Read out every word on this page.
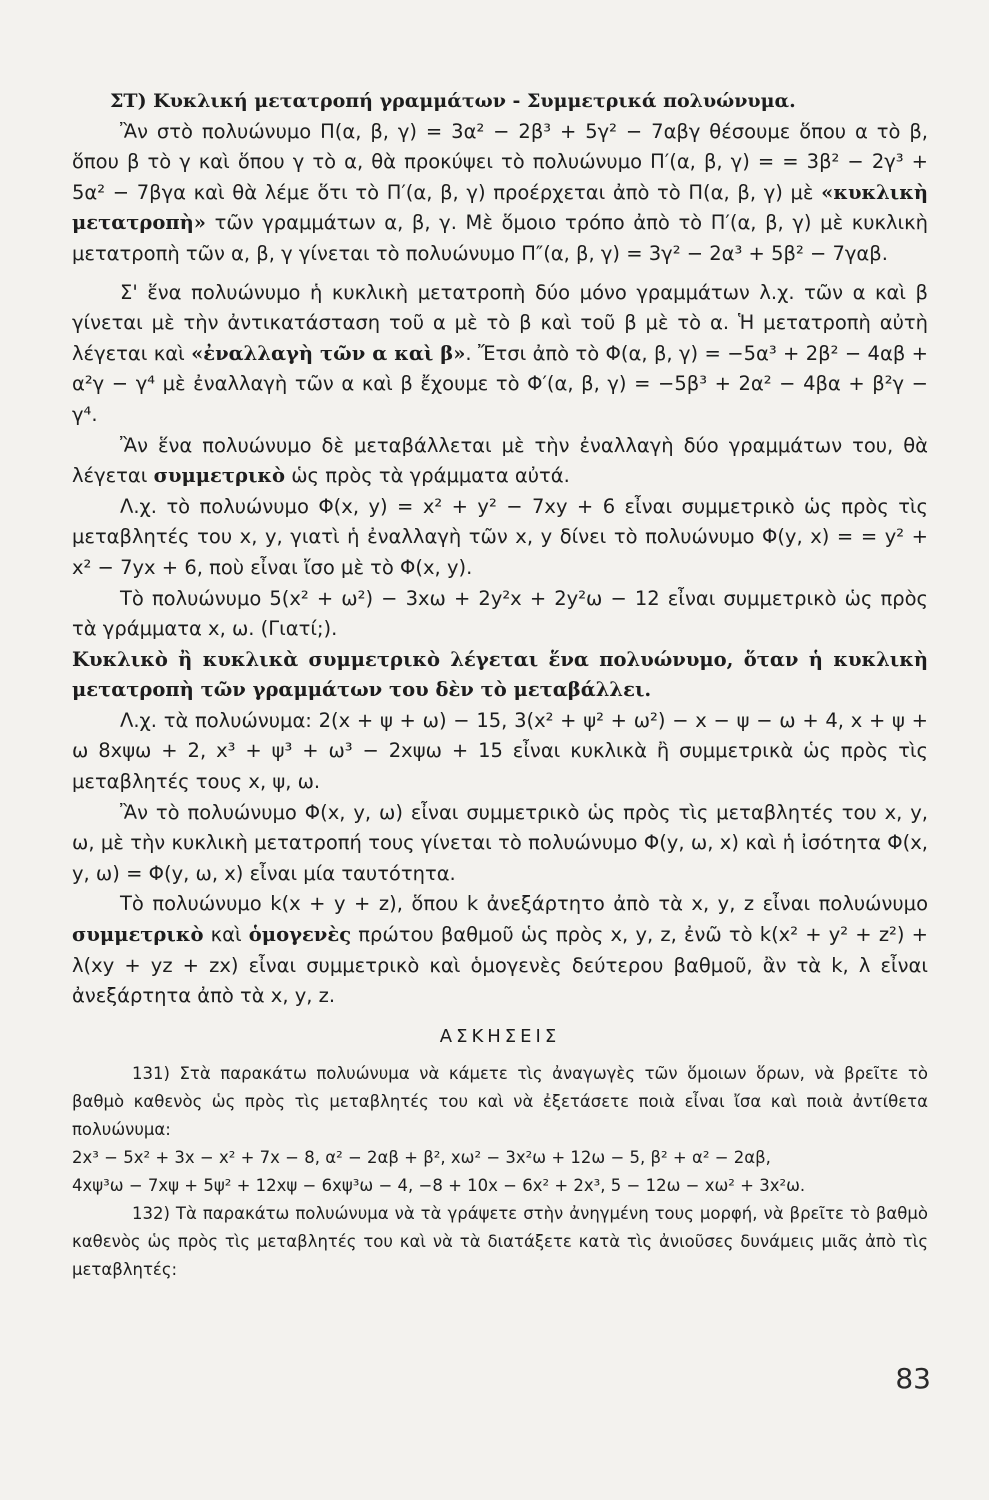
ΣΤ) Κυκλική μετατροπή γραμμάτων - Συμμετρικά πολυώνυμα.

Ἂν στὸ πολυώνυμο Π(α, β, γ) = 3α² − 2β³ + 5γ² − 7αβγ θέσουμε ὅπου α τὸ β, ὅπου β τὸ γ καὶ ὅπου γ τὸ α, θὰ προκύψει τὸ πολυώνυμο Π′(α, β, γ) = = 3β² − 2γ³ + 5α² − 7βγα καὶ θὰ λέμε ὅτι τὸ Π′(α, β, γ) προέρχεται ἀπὸ τὸ Π(α, β, γ) μὲ «κυκλικὴ μετατροπὴ» τῶν γραμμάτων α, β, γ. Μὲ ὅμοιο τρόπο ἀπὸ τὸ Π′(α, β, γ) μὲ κυκλικὴ μετατροπὴ τῶν α, β, γ γίνεται τὸ πολυώνυμο Π″(α, β, γ) = 3γ² − 2α³ + 5β² − 7γαβ.

Σ' ἕνα πολυώνυμο ἡ κυκλικὴ μετατροπὴ δύο μόνο γραμμάτων λ.χ. τῶν α καὶ β γίνεται μὲ τὴν ἀντικατάσταση τοῦ α μὲ τὸ β καὶ τοῦ β μὲ τὸ α. Ἡ μετατροπὴ αὐτὴ λέγεται καὶ «ἐναλλαγὴ τῶν α καὶ β». Ἔτσι ἀπὸ τὸ Φ(α, β, γ) = −5α³ + 2β² − 4αβ + α²γ − γ⁴ μὲ ἐναλλαγὴ τῶν α καὶ β ἔχουμε τὸ Φ′(α, β, γ) = −5β³ + 2α² − 4βα + β²γ − γ⁴.

Ἂν ἕνα πολυώνυμο δὲ μεταβάλλεται μὲ τὴν ἐναλλαγὴ δύο γραμμάτων του, θὰ λέγεται συμμετρικὸ ὡς πρὸς τὰ γράμματα αὐτά.

Λ.χ. τὸ πολυώνυμο Φ(x, y) = x² + y² − 7xy + 6 εἶναι συμμετρικὸ ὡς πρὸς τὶς μεταβλητές του x, y, γιατὶ ἡ ἐναλλαγὴ τῶν x, y δίνει τὸ πολυώνυμο Φ(y, x) = = y² + x² − 7yx + 6, ποὺ εἶναι ἴσο μὲ τὸ Φ(x, y).

Τὸ πολυώνυμο 5(x² + ω²) − 3xω + 2y²x + 2y²ω − 12 εἶναι συμμετρικὸ ὡς πρὸς τὰ γράμματα x, ω. (Γιατί;).

Κυκλικὸ ἢ κυκλικὰ συμμετρικὸ λέγεται ἕνα πολυώνυμο, ὅταν ἡ κυκλικὴ μετατροπὴ τῶν γραμμάτων του δὲν τὸ μεταβάλλει.

Λ.χ. τὰ πολυώνυμα: 2(x + ψ + ω) − 15, 3(x² + ψ² + ω²) − x − ψ − ω + 4, x + ψ + ω 8xψω + 2, x³ + ψ³ + ω³ − 2xψω + 15 εἶναι κυκλικὰ ἢ συμμετρικὰ ὡς πρὸς τὶς μεταβλητές τους x, ψ, ω.

Ἂν τὸ πολυώνυμο Φ(x, y, ω) εἶναι συμμετρικὸ ὡς πρὸς τὶς μεταβλητές του x, y, ω, μὲ τὴν κυκλικὴ μετατροπή τους γίνεται τὸ πολυώνυμο Φ(y, ω, x) καὶ ἡ ἰσότητα Φ(x, y, ω) = Φ(y, ω, x) εἶναι μία ταυτότητα.

Τὸ πολυώνυμο k(x + y + z), ὅπου k ἀνεξάρτητο ἀπὸ τὰ x, y, z εἶναι πολυώνυμο συμμετρικὸ καὶ ὁμογενὲς πρώτου βαθμοῦ ὡς πρὸς x, y, z, ἐνῶ τὸ k(x² + y² + z²) + λ(xy + yz + zx) εἶναι συμμετρικὸ καὶ ὁμογενὲς δεύτερου βαθμοῦ, ἂν τὰ k, λ εἶναι ἀνεξάρτητα ἀπὸ τὰ x, y, z.

ΑΣΚΗΣΕΙΣ

131) Στὰ παρακάτω πολυώνυμα νὰ κάμετε τὶς ἀναγωγὲς τῶν ὅμοιων ὅρων, νὰ βρεῖτε τὸ βαθμὸ καθενὸς ὡς πρὸς τὶς μεταβλητές του καὶ νὰ ἐξετάσετε ποιὰ εἶναι ἴσα καὶ ποιὰ ἀντίθετα πολυώνυμα:

2x³ − 5x² + 3x − x² + 7x − 8, α² − 2αβ + β², xω² − 3x²ω + 12ω − 5, β² + α² − 2αβ,

4xψ³ω − 7xψ + 5ψ² + 12xψ − 6xψ³ω − 4, −8 + 10x − 6x² + 2x³, 5 − 12ω − xω² + 3x²ω.

132) Τὰ παρακάτω πολυώνυμα νὰ τὰ γράψετε στὴν ἀνηγμένη τους μορφή, νὰ βρεῖτε τὸ βαθμὸ καθενὸς ὡς πρὸς τὶς μεταβλητές του καὶ νὰ τὰ διατάξετε κατὰ τὶς ἀνιοῦσες δυνάμεις μιᾶς ἀπὸ τὶς μεταβλητές:

83
